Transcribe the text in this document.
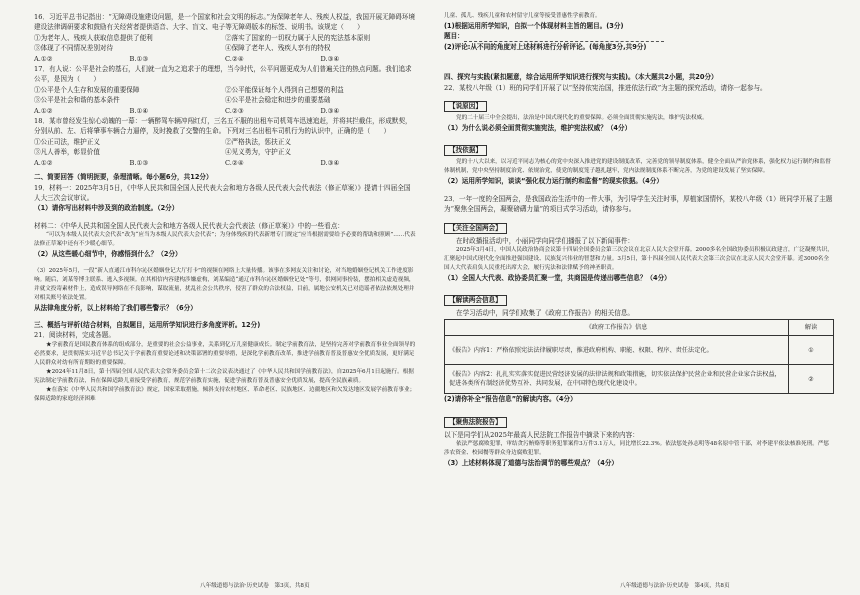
16．习近平总书记指出：“无障碍设施建设问题，是一个国家和社会文明的标志。”为保障老年人、残疾人权益，我国开展无障碍环境建设法律调研要求和鼓励有关经营者提供语音、大字、盲文、电子等无障碍版本的标签、说明书。该规定（　　）

①为老年人、残疾人获取信息提供了便利	②落实了国家的一切权力属于人民的宪法基本原则
③体现了不同情况差别对待	④保障了老年人、残疾人享有的特权
A.①②	B.①③	C.②④	D.③④

17．有人说：公平是社会的基石，人们就一直为之追求于的理想，当今时代，公平问题更成为人们普遍关注的热点问题。我们追求公平，是因为（　　）

①公平是个人生存和发展的重要保障	②公平能保证每个人得到自己想要的利益
③公平是社会和谐的基本条件	④公平是社会稳定和进步的重要基础
A.①②	B.①④	C.②③	D.③④

18．某市曾经发生惊心动魄的一幕：一辆醉驾车辆冲闯红灯，三名五不服的出租车司机驾车迅速追赶，并将其拦截住，形成默契，分别从前、左、后将肇事车辆合力逼停，及时挽救了交警的生命。下列对三名出租车司机行为的认识中，正确的是（　　）

①公正司法，维护正义	②严格执法，惩扶正义
③凡人善举，彰显价值	④见义勇为，守护正义
A.①②	B.①③	C.②④	D.③④

二、简要回答（简明扼要，条理清晰。每小题6分，共12分）

19．材料一：2025年3月5日，《中华人民共和国全国人民代表大会和地方各级人民代表大会代表法（修正草案）》提请十四届全国人大三次会议审议。

（1）请你写出材料中涉及到的政治制度。（2分）

材料二：《中华人民共和国全国人民代表大会和地方各级人民代表大会代表法（修正草案）》中的一些看点：

“可以为本级人民代表大会代表”改为“应当为本级人民代表大会代表”；为身体残疾的代表新增专门规定“应当根据需要给予必要的帮助和照顾”……代表法修正草案中还有不少暖心细节。

（2）从这些暖心细节中，你感悟到什么？（2分）

（3）2025年5月，一段“新人直通江市科尔沁区婚姻登记大厅打卡”的视频在网络上大量传播。该事在多网友关注和讨论，对当地婚姻登记机关工作进度影响。随后，刘某等博主联系、逃入多视频。在其相信内容建构涉嫌虚构，刘某编造“通辽市科尔沁区婚姻登记处”等号，供网同事扮装，摆拍相关虚造视频，并就文投寄素材件上，造成误导网络在不良影响，谋取流量，扰乱社会公共秩序，侵害了群众的合法权益，目前，属地公安机关已对造谣者依法依规处理并对相关账号依法处置。

从法律角度分析，以上材料给了我们哪些警示？（6分）

三、概括与评析(结合材料，自拟题目，运用所学知识进行多角度评析。12分)

21．阅读材料，完成各题。

★学前教育是国民教育体系的组成部分，是重要的社会公益事业，关系到亿万儿童健康成长。制定学前教育法，是坚持完善对学前教育事业全面领导的必然要求，是贯彻落实习近平总书记关于学前教育重要论述和决策部署的重要举措，是深化学前教育改革，推进学前教育普及普惠安全优质发展，更好满足人民群众对幼有所育期盼的重要保障。

★2024年11月8日，第十四届全国人民代表大会常务委员会第十二次会议表决通过了《中华人民共和国学前教育法》，自2025年6月1日起施行。根据宪法制定学前教育法，旨在保障适龄儿童接受学前教育，规范学前教育实施，促进学前教育普及普惠安全优质发展，提高全民族素质。

★在落实《中华人民共和国学前教育法》规定，国家采取措施，倾斜支持农村地区、革命老区、民族地区、边疆地区和欠发达地区发展学前教育事业；保障适龄的家庭经济困难

八年级道德与法治·历史试卷　第3页，共8页

儿童、孤儿、残疾儿童和农村留守儿童等接受普惠性学前教育。

(1)根据运用所学知识，自拟一个体现材料主旨的题目。(3分)

题目：

(2)评论:从不同的角度对上述材料进行分析评论。(每角度3分,共9分)

四、探究与实践(紧扣题意，综合运用所学知识进行探究与实践)。（本大题共2小题，共20分）

22．某校八年级（1）班的同学们开展了以“坚持依宪治国，推进依法行政”为主题的探究活动，请你一起参与。

【说原因】

党的二十届三中全会提出，法治是中国式现代化的重要保障。必须全面贯彻实施宪法，维护宪法权威。

（1）为什么说必须全面贯彻实施宪法，维护宪法权威？（4分）

【找依据】

党的十八大以来，以习近平同志为核心的党中央深入推进党的建设制度改革，完善党的领导制度体系，健全全面从严治党体系，强化权力运行制约和监督体制机制，党中央坚持制度治党、依规治党，使党的制度笼子越扎越牢，党内法规制度体系不断完善，为党的建设发展了坚实保障。

（2）运用所学知识，谈谈“强化权力运行制约和监督”的现实依据。（4分）

23．一年一度的全国两会，是我国政治生活中的一件大事，为引导学生关注时事，厚植家国情怀，某校八年级（1）班同学开展了主题为“聚焦全国两会，凝聚磅礴力量”的项目式学习活动，请你参与。

【关注全国两会】

在时政播报活动中，小丽同学向同学们播报了以下新闻事件：

2025年3月4日，中国人民政治协商会议第十四届全国委员会第三次会议在北京人民大会堂开幕。2000多名全国政协委员积极议政建言，广泛凝聚共识，汇聚起中国式现代化全面推进强国建设、民族复兴伟业的智慧和力量。3月5日，第十四届全国人民代表大会第三次会议在北京人民大会堂开幕。近3000名全国人大代表肩负人民重托出席大会，履行宪法和法律赋予的神圣职责。

（1）全国人大代表、政协委员汇聚一堂，共商国是传递出哪些信息？（4分）

【解读两会信息】

在学习活动中，同学们收集了《政府工作报告》的相关信息。

《政府工作报告》信息	解读
《报告》内容1：严格依照宪法法律履职尽责，推进政府机构、职能、权限、程序、责任法定化。	①
《报告》内容2：扎扎实实落实促进民营经济发展的法律法规和政策措施，切实依法保护民营企业和民营企业家合法权益，促进各类所有制经济优势互补、共同发展，在中国特色现代化建设中。	②

(2)请你补全“报告信息”的解读内容。（4分）

【聚焦法院报告】

以下是同学们从2025年最高人民法院工作报告中摘录下来的内容：

依法严惩腐败犯罪，审结贪污贿赂等职务犯罪案件3万件3.1万人，同比增长22.3%。依法惩处孙志明等48名原中管干部，对李建平依法核准死刑。严惩涉农资金、校园餐等群众身边腐败犯罪。

（3）上述材料体现了道德与法治调节的哪些观点？（4分）

八年级道德与法治·历史试卷　第4页，共8页
